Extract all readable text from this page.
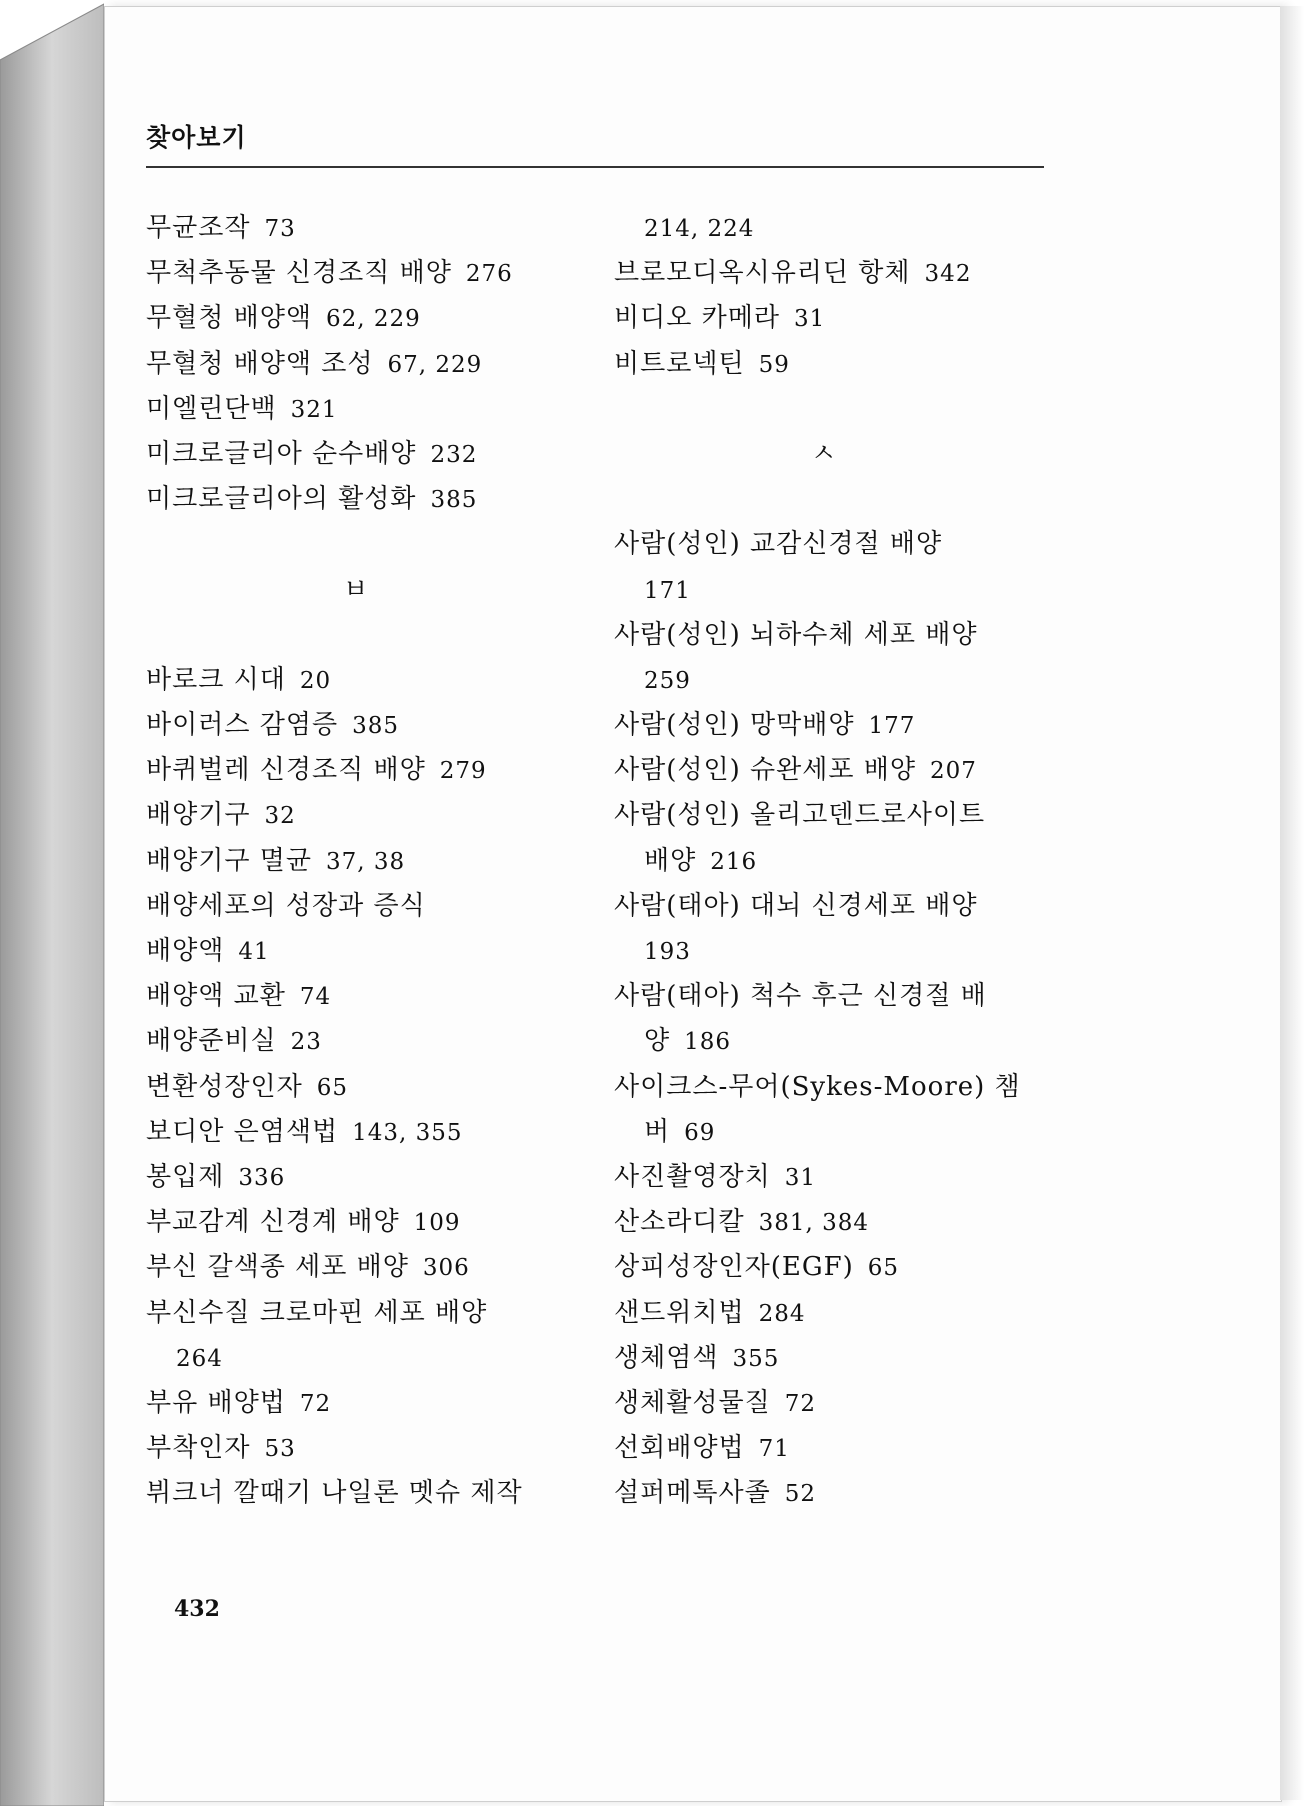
찾아보기
무균조작 73
무척추동물 신경조직 배양 276
무혈청 배양액 62, 229
무혈청 배양액 조성 67, 229
미엘린단백 321
미크로글리아 순수배양 232
미크로글리아의 활성화 385
ㅂ
바로크 시대 20
바이러스 감염증 385
바퀴벌레 신경조직 배양 279
배양기구 32
배양기구 멸균 37, 38
배양세포의 성장과 증식
배양액 41
배양액 교환 74
배양준비실 23
변환성장인자 65
보디안 은염색법 143, 355
봉입제 336
부교감계 신경계 배양 109
부신 갈색종 세포 배양 306
부신수질 크로마핀 세포 배양
264
부유 배양법 72
부착인자 53
뷔크너 깔때기 나일론 멧슈 제작
214, 224
브로모디옥시유리딘 항체 342
비디오 카메라 31
비트로넥틴 59
ㅅ
사람(성인) 교감신경절 배양
171
사람(성인) 뇌하수체 세포 배양
259
사람(성인) 망막배양 177
사람(성인) 슈완세포 배양 207
사람(성인) 올리고덴드로사이트
배양 216
사람(태아) 대뇌 신경세포 배양
193
사람(태아) 척수 후근 신경절 배
양 186
사이크스-무어(Sykes-Moore) 챔
버 69
사진촬영장치 31
산소라디칼 381, 384
상피성장인자(EGF) 65
샌드위치법 284
생체염색 355
생체활성물질 72
선회배양법 71
설퍼메톡사졸 52
432
